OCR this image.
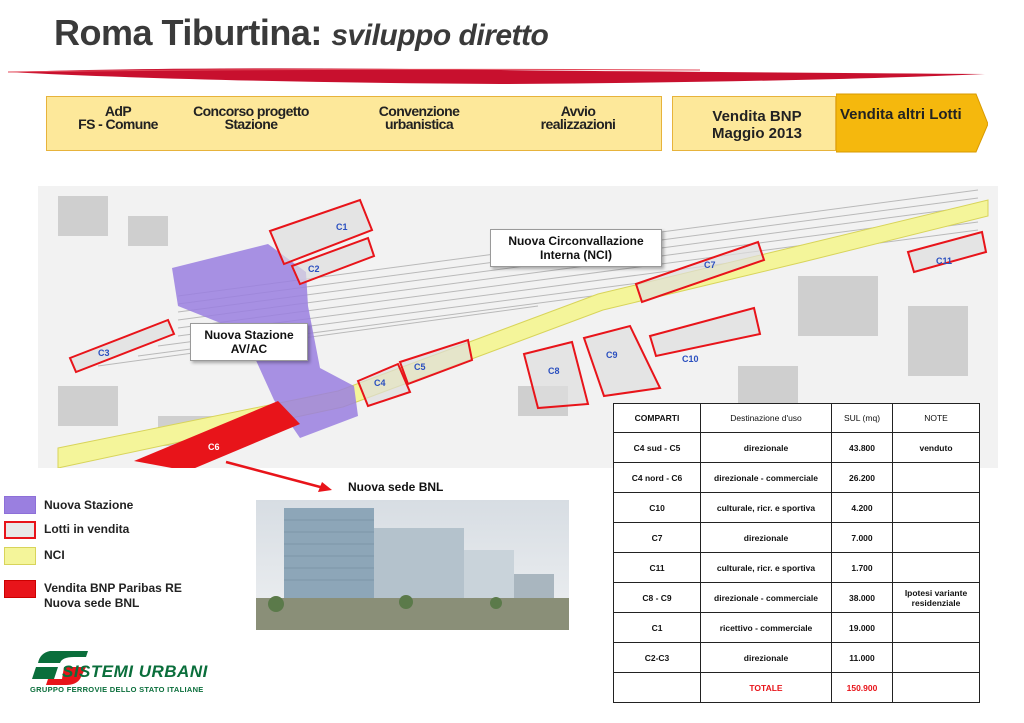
Roma Tiburtina: sviluppo diretto
AdP
FS - Comune
Concorso progetto
Stazione
Convenzione
urbanistica
Avvio
realizzazioni	Vendita BNP
Maggio 2013
Vendita altri Lotti
C1
C2
C3
C4
C5
C6
C7
C8
C9	C10
C11
Nuova Circonvallazione
Interna (NCI)
Nuova Stazione
AV/AC
Nuova Stazione
Lotti in vendita
NCI
Vendita BNP Paribas RE
Nuova sede BNL
Nuova sede BNL
COMPARTI	Destinazione d'uso	SUL (mq)	NOTE
C4 sud - C5	direzionale	43.800	venduto
C4 nord - C6	direzionale - commerciale	26.200	
C10	culturale, ricr. e sportiva	4.200	
C7	direzionale	7.000	
C11	culturale, ricr. e sportiva	1.700	
C8 - C9	direzionale - commerciale	38.000	Ipotesi variante residenziale
C1	ricettivo - commerciale	19.000	
C2-C3	direzionale	11.000	
	TOTALE	150.900	
SISTEMI URBANI
GRUPPO FERROVIE DELLO STATO ITALIANE
